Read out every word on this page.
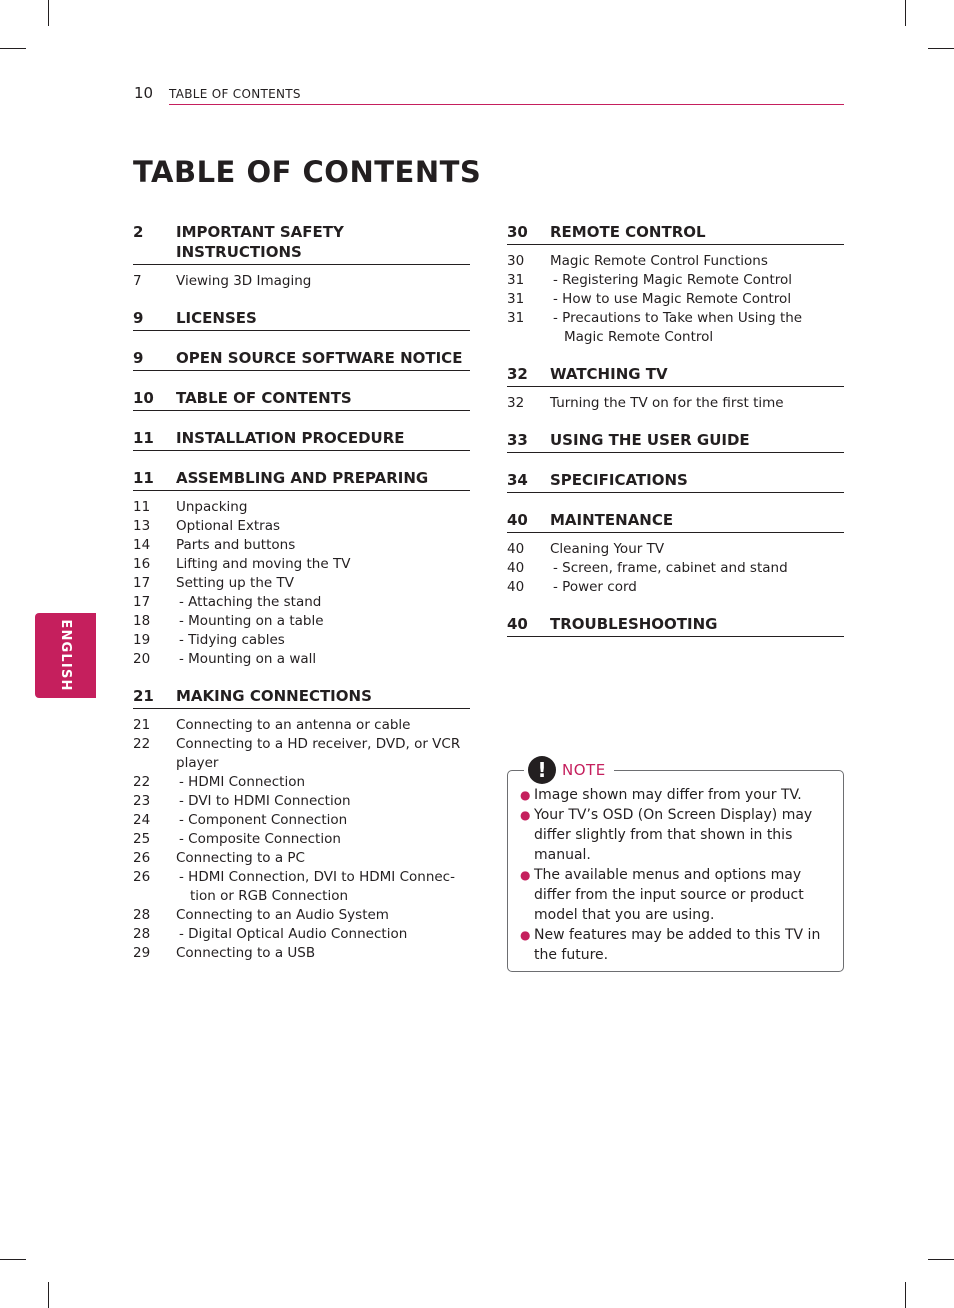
10 TABLE OF CONTENTS
TABLE OF CONTENTS
ENGLISH
2	IMPORTANT SAFETY INSTRUCTIONS
7	Viewing 3D Imaging
9	LICENSES
9	OPEN SOURCE SOFTWARE NOTICE
10	TABLE OF CONTENTS
11	INSTALLATION PROCEDURE
11	ASSEMBLING AND PREPARING
11	Unpacking
13	Optional Extras
14	Parts and buttons
16	Lifting and moving the TV
17	Setting up the TV
17	- Attaching the stand
18	- Mounting on a table
19	- Tidying cables
20	- Mounting on a wall
21	MAKING CONNECTIONS
21	Connecting to an antenna or cable
22	Connecting to a HD receiver, DVD, or VCR player
22	- HDMI Connection
23	- DVI to HDMI Connection
24	- Component Connection
25	- Composite Connection
26	Connecting to a PC
26	- HDMI Connection, DVI to HDMI Connec-tion or RGB Connection
28	Connecting to an Audio System
28	- Digital Optical Audio Connection
29	Connecting to a USB
30	REMOTE CONTROL
30	Magic Remote Control Functions
31	- Registering Magic Remote Control
31	- How to use Magic Remote Control
31	- Precautions to Take when Using the Magic Remote Control
32	WATCHING TV
32	Turning the TV on for the first time
33	USING THE USER GUIDE
34	SPECIFICATIONS
40	MAINTENANCE
40	Cleaning Your TV
40	- Screen, frame, cabinet and stand
40	- Power cord
40	TROUBLESHOOTING
!	NOTE
● Image shown may differ from your TV.
● Your TV’s OSD (On Screen Display) may differ slightly from that shown in this manual.
● The available menus and options may differ from the input source or product model that you are using.
● New features may be added to this TV in the future.
